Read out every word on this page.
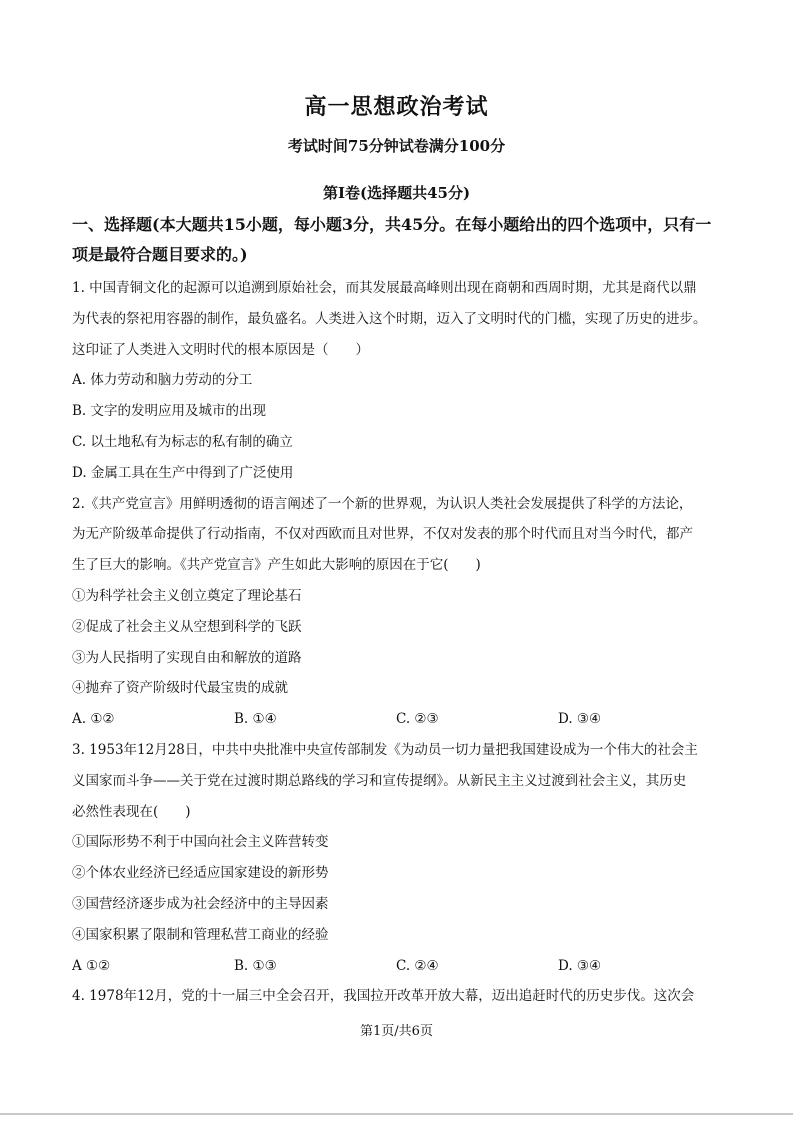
高一思想政治考试
考试时间75分钟试卷满分100分
第Ⅰ卷(选择题共45分)
一、选择题(本大题共15小题，每小题3分，共45分。在每小题给出的四个选项中，只有一
项是最符合题目要求的。)
1. 中国青铜文化的起源可以追溯到原始社会，而其发展最高峰则出现在商朝和西周时期，尤其是商代以鼎
为代表的祭祀用容器的制作，最负盛名。人类进入这个时期，迈入了文明时代的门槛，实现了历史的进步。
这印证了人类进入文明时代的根本原因是（　　）
A. 体力劳动和脑力劳动的分工
B. 文字的发明应用及城市的出现
C. 以土地私有为标志的私有制的确立
D. 金属工具在生产中得到了广泛使用
2.《共产党宣言》用鲜明透彻的语言阐述了一个新的世界观，为认识人类社会发展提供了科学的方法论，
为无产阶级革命提供了行动指南，不仅对西欧而且对世界，不仅对发表的那个时代而且对当今时代，都产
生了巨大的影响。《共产党宣言》产生如此大影响的原因在于它(　　)
①为科学社会主义创立奠定了理论基石
②促成了社会主义从空想到科学的飞跃
③为人民指明了实现自由和解放的道路
④抛弃了资产阶级时代最宝贵的成就
A. ①②	B. ①④	C. ②③	D. ③④
3. 1953年12月28日，中共中央批准中央宣传部制发《为动员一切力量把我国建设成为一个伟大的社会主
义国家而斗争——关于党在过渡时期总路线的学习和宣传提纲》。从新民主主义过渡到社会主义，其历史
必然性表现在(　　)
①国际形势不利于中国向社会主义阵营转变
②个体农业经济已经适应国家建设的新形势
③国营经济逐步成为社会经济中的主导因素
④国家积累了限制和管理私营工商业的经验
A ①②	B. ①③	C. ②④	D. ③④
4. 1978年12月，党的十一届三中全会召开，我国拉开改革开放大幕，迈出追赶时代的历史步伐。这次会
第1页/共6页
